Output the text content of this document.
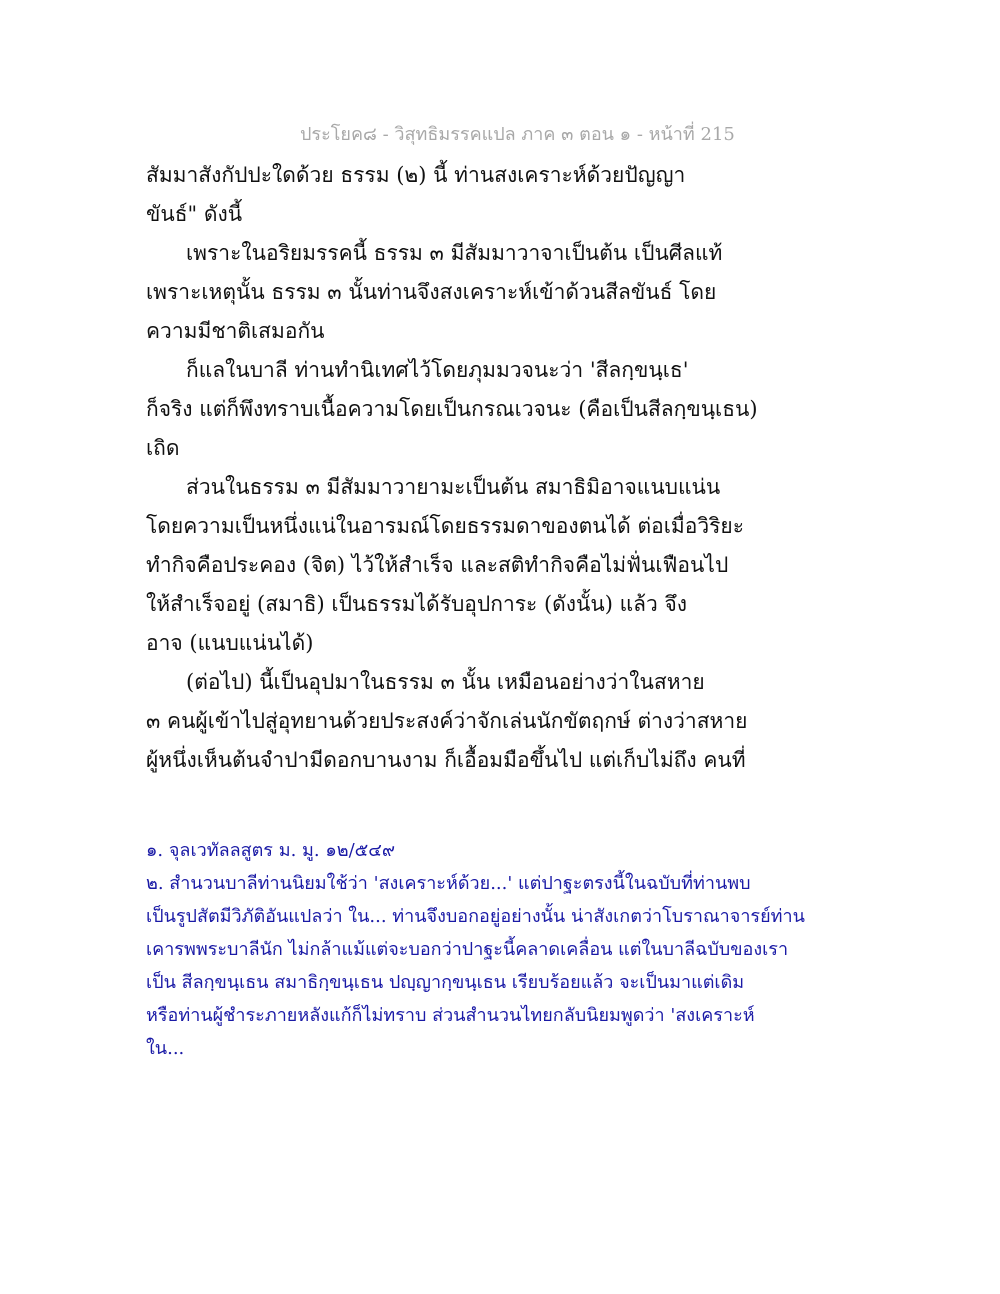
ประโยค๘ - วิสุทธิมรรคแปล ภาค ๓ ตอน ๑ - หน้าที่ 215
สัมมาสังกัปปะใดด้วย ธรรม (๒) นี้ ท่านสงเคราะห์ด้วยปัญญา
ขันธ์" ดังนี้
เพราะในอริยมรรคนี้ ธรรม ๓ มีสัมมาวาจาเป็นต้น เป็นศีลแท้
เพราะเหตุนั้น ธรรม ๓ นั้นท่านจึงสงเคราะห์เข้าด้วนสีลขันธ์ โดย
ความมีชาติเสมอกัน
ก็แลในบาลี ท่านทำนิเทศไว้โดยภุมมวจนะว่า 'สีลกฺขนฺเธ'
ก็จริง แต่ก็พึงทราบเนื้อความโดยเป็นกรณเวจนะ (คือเป็นสีลกฺขนฺเธน)
เถิด
ส่วนในธรรม ๓ มีสัมมาวายามะเป็นต้น สมาธิมิอาจแนบแน่น
โดยความเป็นหนึ่งแน่ในอารมณ์โดยธรรมดาของตนได้ ต่อเมื่อวิริยะ
ทำกิจคือประคอง (จิต) ไว้ให้สำเร็จ และสติทำกิจคือไม่ฟั่นเฟือนไป
ให้สำเร็จอยู่ (สมาธิ) เป็นธรรมได้รับอุปการะ (ดังนั้น) แล้ว จึง
อาจ (แนบแน่นได้)
(ต่อไป) นี้เป็นอุปมาในธรรม ๓ นั้น เหมือนอย่างว่าในสหาย
๓ คนผู้เข้าไปสู่อุทยานด้วยประสงค์ว่าจักเล่นนักขัตฤกษ์ ต่างว่าสหาย
ผู้หนึ่งเห็นต้นจำปามีดอกบานงาม ก็เอื้อมมือขึ้นไป แต่เก็บไม่ถึง คนที่
๑. จุลเวทัลลสูตร ม. มู. ๑๒/๕๔๙
๒. สำนวนบาลีท่านนิยมใช้ว่า 'สงเคราะห์ด้วย...' แต่ปาฐะตรงนี้ในฉบับที่ท่านพบ
เป็นรูปสัตมีวิภัติอันแปลว่า ใน... ท่านจึงบอกอยู่อย่างนั้น น่าสังเกตว่าโบราณาจารย์ท่าน
เคารพพระบาลีนัก ไม่กล้าแม้แต่จะบอกว่าปาฐะนี้คลาดเคลื่อน แต่ในบาลีฉบับของเรา
เป็น สีลกฺขนฺเธน สมาธิกฺขนฺเธน ปญฺญากฺขนฺเธน เรียบร้อยแล้ว จะเป็นมาแต่เดิม
หรือท่านผู้ชำระภายหลังแก้ก็ไม่ทราบ ส่วนสำนวนไทยกลับนิยมพูดว่า 'สงเคราะห์
ใน...
